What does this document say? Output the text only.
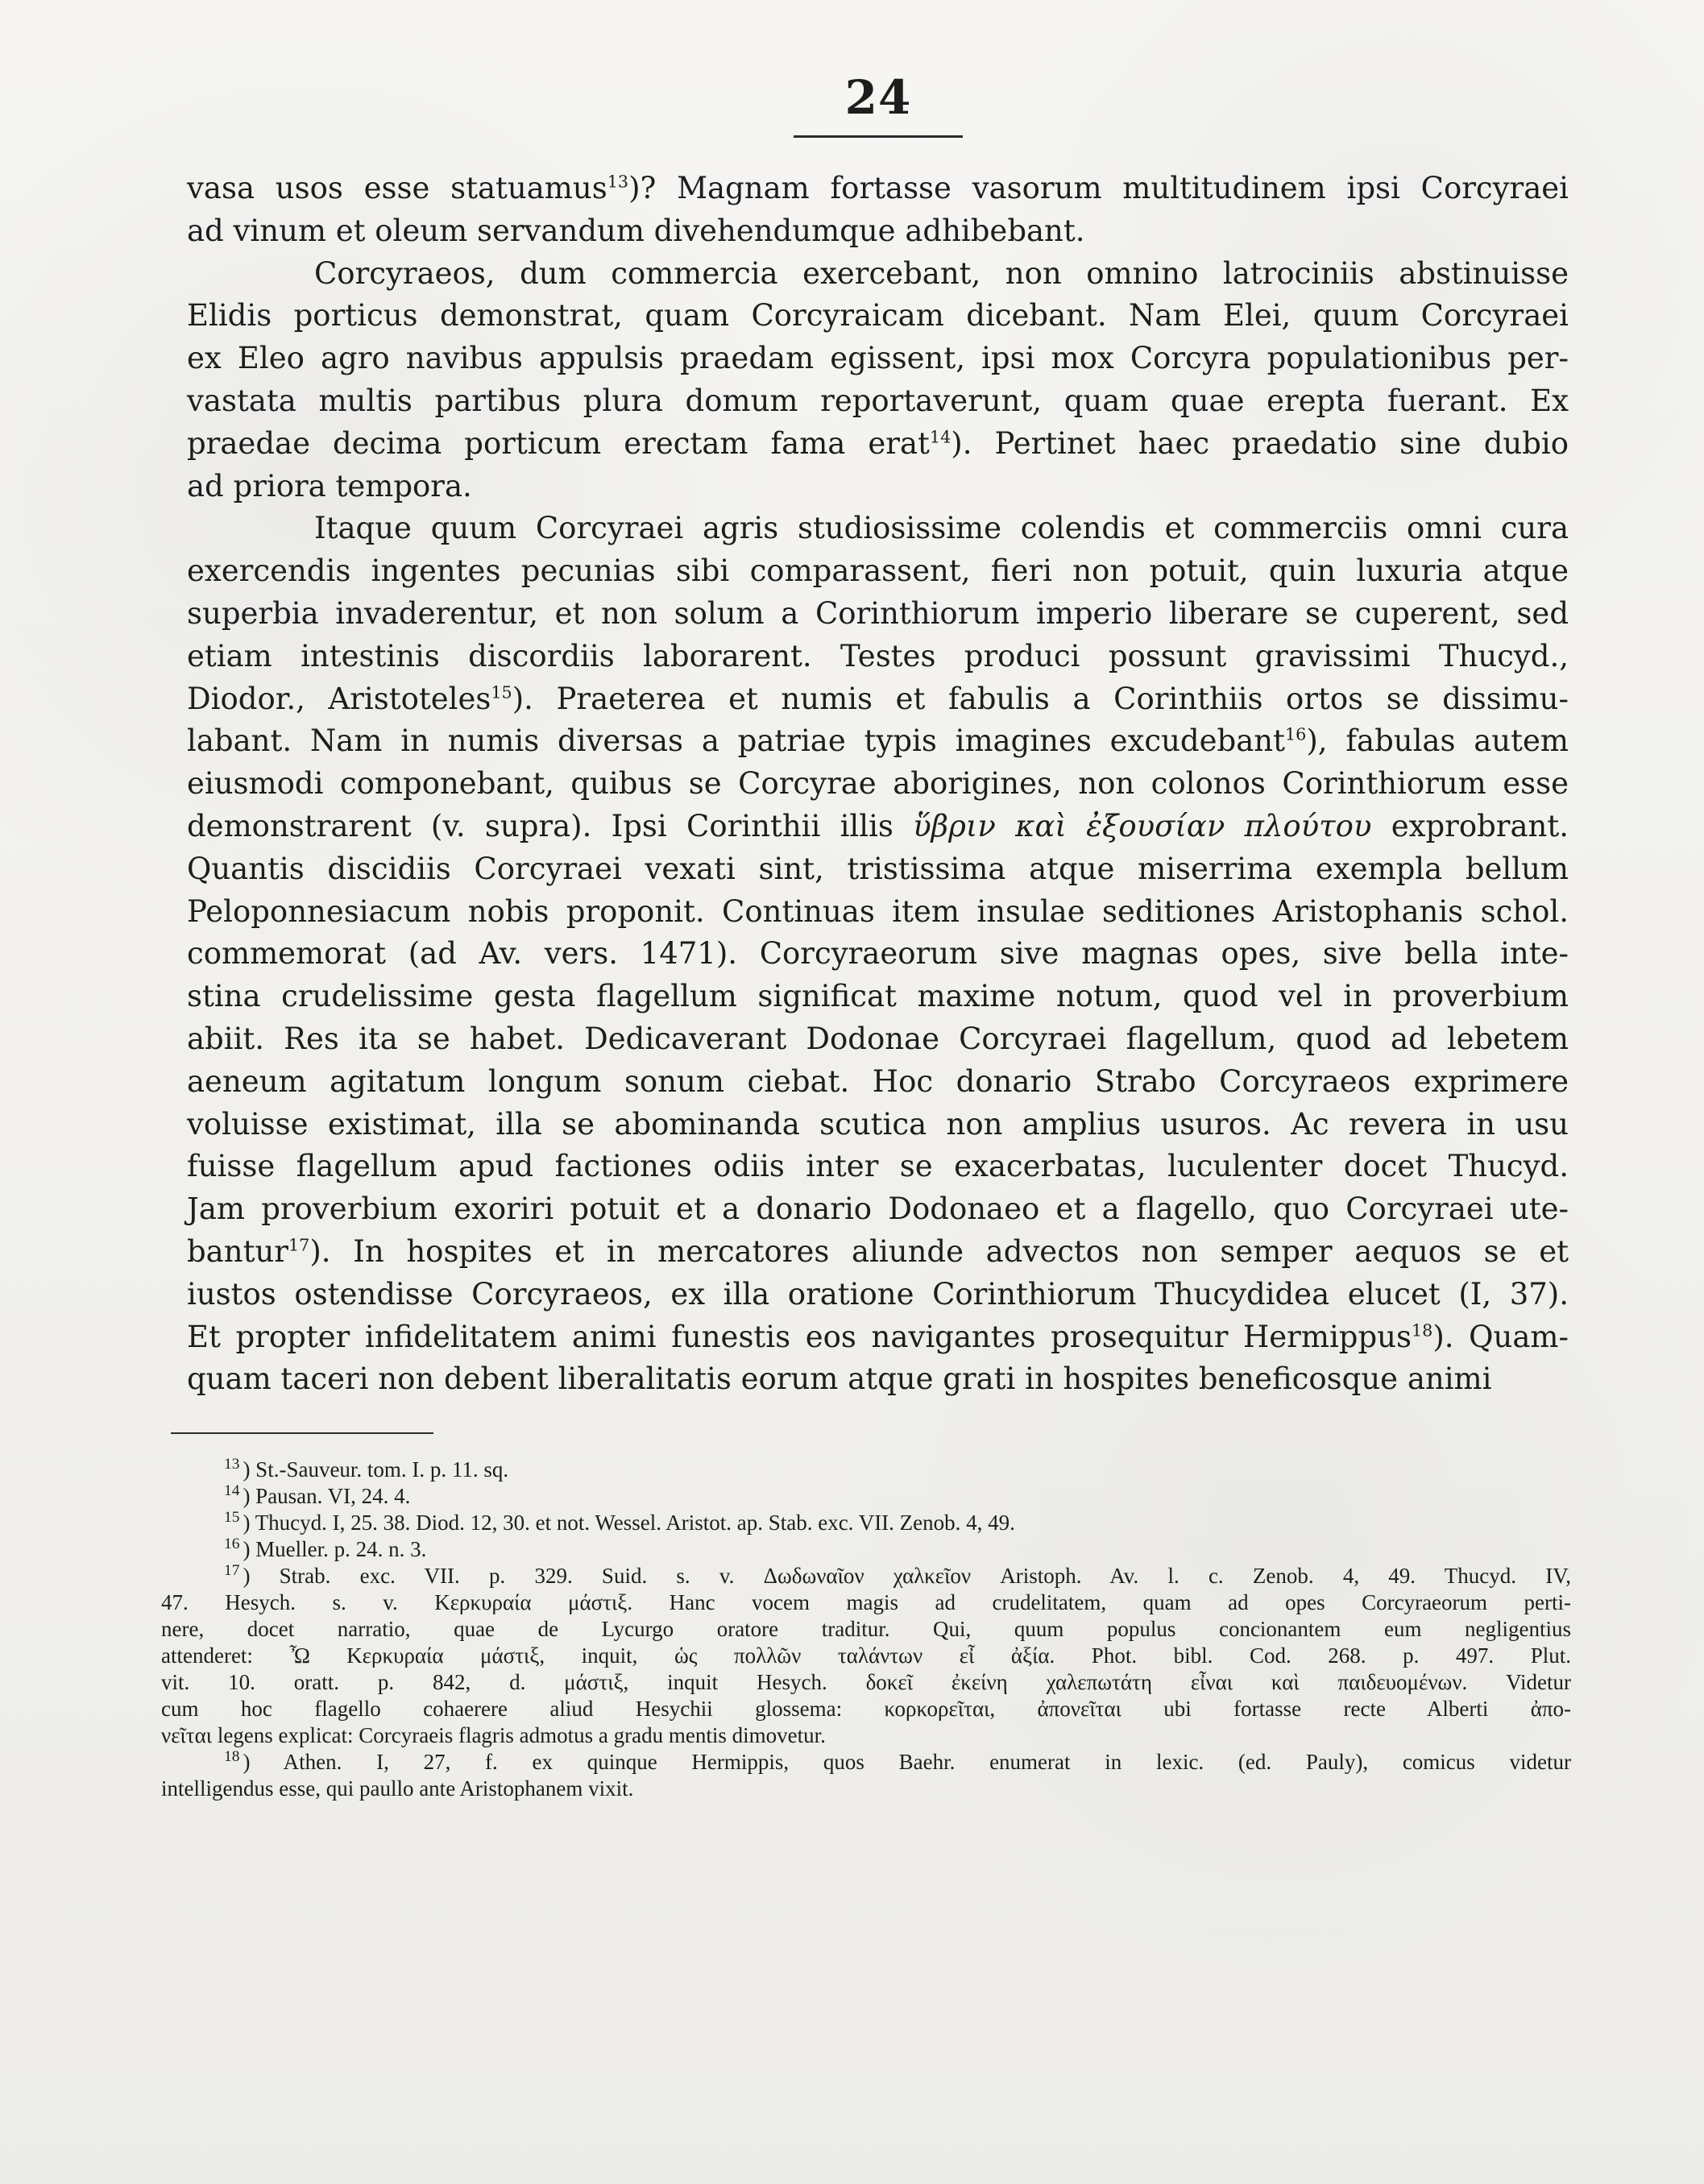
24
vasa usos esse statuamus$^{13}$)? Magnam fortasse vasorum multitudinem ipsi Corcyraei
ad vinum et oleum servandum divehendumque adhibebant.
Corcyraeos, dum commercia exercebant, non omnino latrociniis abstinuisse
Elidis porticus demonstrat, quam Corcyraicam dicebant. Nam Elei, quum Corcyraei
ex Eleo agro navibus appulsis praedam egissent, ipsi mox Corcyra populationibus per-
vastata multis partibus plura domum reportaverunt, quam quae erepta fuerant. Ex
praedae decima porticum erectam fama erat$^{14}$). Pertinet haec praedatio sine dubio
ad priora tempora.
Itaque quum Corcyraei agris studiosissime colendis et commerciis omni cura
exercendis ingentes pecunias sibi comparassent, fieri non potuit, quin luxuria atque
superbia invaderentur, et non solum a Corinthiorum imperio liberare se cuperent, sed
etiam intestinis discordiis laborarent. Testes produci possunt gravissimi Thucyd.,
Diodor., Aristoteles$^{15}$). Praeterea et numis et fabulis a Corinthiis ortos se dissimu-
labant. Nam in numis diversas a patriae typis imagines excudebant$^{16}$), fabulas autem
eiusmodi componebant, quibus se Corcyrae aborigines, non colonos Corinthiorum esse
demonstrarent (v. supra). Ipsi Corinthii illis ὕβριν καὶ ἐξουσίαν πλούτου exprobrant.
Quantis discidiis Corcyraei vexati sint, tristissima atque miserrima exempla bellum
Peloponnesiacum nobis proponit. Continuas item insulae seditiones Aristophanis schol.
commemorat (ad Av. vers. 1471). Corcyraeorum sive magnas opes, sive bella inte-
stina crudelissime gesta flagellum significat maxime notum, quod vel in proverbium
abiit. Res ita se habet. Dedicaverant Dodonae Corcyraei flagellum, quod ad lebetem
aeneum agitatum longum sonum ciebat. Hoc donario Strabo Corcyraeos exprimere
voluisse existimat, illa se abominanda scutica non amplius usuros. Ac revera in usu
fuisse flagellum apud factiones odiis inter se exacerbatas, luculenter docet Thucyd.
Jam proverbium exoriri potuit et a donario Dodonaeo et a flagello, quo Corcyraei ute-
bantur$^{17}$). In hospites et in mercatores aliunde advectos non semper aequos se et
iustos ostendisse Corcyraeos, ex illa oratione Corinthiorum Thucydidea elucet (I, 37).
Et propter infidelitatem animi funestis eos navigantes prosequitur Hermippus$^{18}$). Quam-
quam taceri non debent liberalitatis eorum atque grati in hospites beneficosque animi
$^{13}$ ) St.-Sauveur. tom. I. p. 11. sq.
$^{14}$ ) Pausan. VI, 24. 4.
$^{15}$ ) Thucyd. I, 25. 38. Diod. 12, 30. et not. Wessel. Aristot. ap. Stab. exc. VII. Zenob. 4, 49.
$^{16}$ ) Mueller. p. 24. n. 3.
$^{17}$ ) Strab. exc. VII. p. 329. Suid. s. v. Δωδωναῖον χαλκεῖον Aristoph. Av. l. c. Zenob. 4, 49. Thucyd. IV,
47. Hesych. s. v. Κερκυραία μάστιξ. Hanc vocem magis ad crudelitatem, quam ad opes Corcyraeorum perti-
nere, docet narratio, quae de Lycurgo oratore traditur. Qui, quum populus concionantem eum negligentius
attenderet: Ὦ Κερκυραία μάστιξ, inquit, ὡς πολλῶν ταλάντων εἶ ἀξία. Phot. bibl. Cod. 268. p. 497. Plut.
vit. 10. oratt. p. 842, d. μάστιξ, inquit Hesych. δοκεῖ ἐκείνη χαλεπωτάτη εἶναι καὶ παιδευομένων. Videtur
cum hoc flagello cohaerere aliud Hesychii glossema: κορκορεῖται, ἀπονεῖται ubi fortasse recte Alberti ἀπο-
νεῖται legens explicat: Corcyraeis flagris admotus a gradu mentis dimovetur.
$^{18}$ ) Athen. I, 27, f. ex quinque Hermippis, quos Baehr. enumerat in lexic. (ed. Pauly), comicus videtur
intelligendus esse, qui paullo ante Aristophanem vixit.
